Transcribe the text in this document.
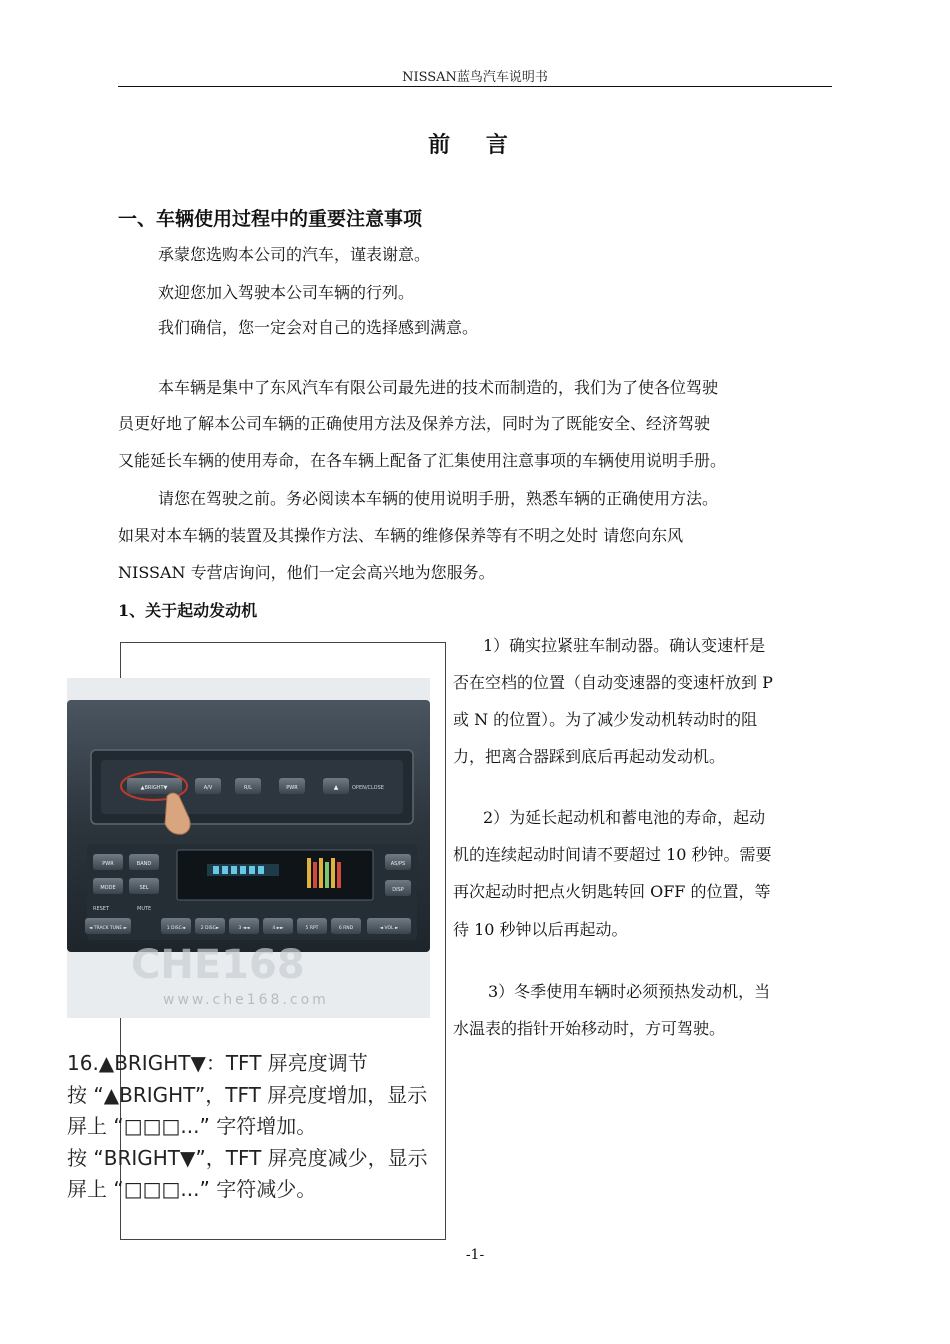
NISSAN蓝鸟汽车说明书
前 言
一、车辆使用过程中的重要注意事项
承蒙您选购本公司的汽车，谨表谢意。
欢迎您加入驾驶本公司车辆的行列。
我们确信，您一定会对自己的选择感到满意。
本车辆是集中了东风汽车有限公司最先进的技术而制造的，我们为了使各位驾驶
员更好地了解本公司车辆的正确使用方法及保养方法，同时为了既能安全、经济驾驶
又能延长车辆的使用寿命，在各车辆上配备了汇集使用注意事项的车辆使用说明手册。
请您在驾驶之前。务必阅读本车辆的使用说明手册，熟悉车辆的正确使用方法。
如果对本车辆的装置及其操作方法、车辆的维修保养等有不明之处时 请您向东风
NISSAN 专营店询问，他们一定会高兴地为您服务。
1、关于起动发动机
1）确实拉紧驻车制动器。确认变速杆是
否在空档的位置（自动变速器的变速杆放到 P
或 N 的位置）。为了减少发动机转动时的阻
力，把离合器踩到底后再起动发动机。
2）为延长起动机和蓄电池的寿命，起动
机的连续起动时间请不要超过 10 秒钟。需要
再次起动时把点火钥匙转回 OFF 的位置，等
待 10 秒钟以后再起动。
3）冬季使用车辆时必须预热发动机，当
水温表的指针开始移动时，方可驾驶。
▲BRIGHT▼	A/V	R/L	PWR	▲	OPEN/CLOSE
PWR	BAND
MODE	SEL
RESET	MUTE
AS/PS
DISP
◄ TRACK TUNE ►	1 DISC◄	2 DISC►	3 ◄◄	4 ►►	5 RPT	6 RND	◄ VOL ►
CHE168
www.che168.com
16.▲BRIGHT▼：TFT 屏亮度调节
按 “▲BRIGHT”，TFT 屏亮度增加，显示
屏上 “□□□...” 字符增加。
按 “BRIGHT▼”，TFT 屏亮度减少，显示
屏上 “□□□...” 字符减少。
-1-
